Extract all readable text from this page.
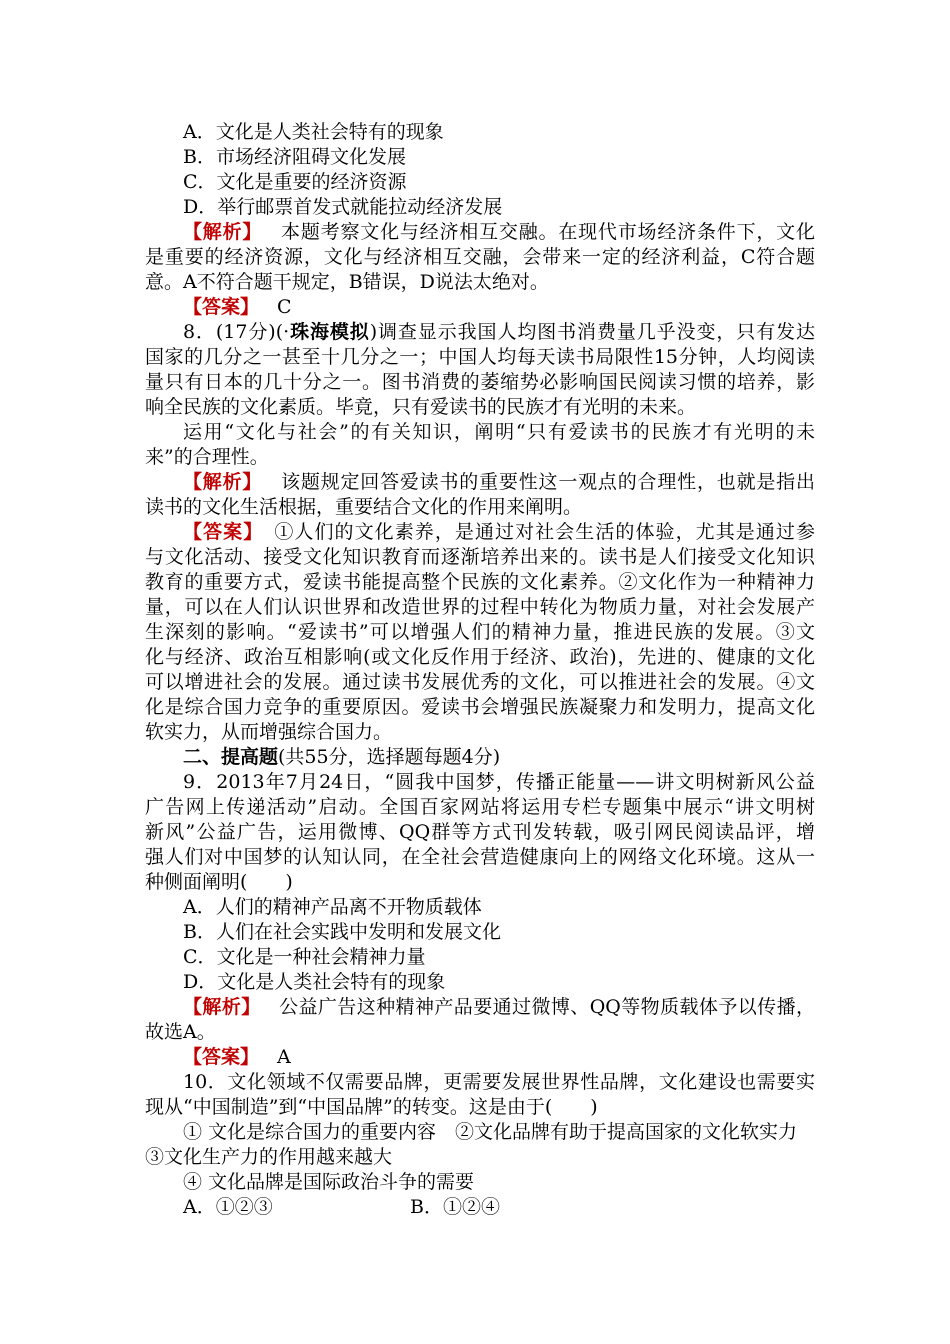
A．文化是人类社会特有的现象
B．市场经济阻碍文化发展
C．文化是重要的经济资源
D．举行邮票首发式就能拉动经济发展
【解析】 本题考察文化与经济相互交融。在现代市场经济条件下，文化
是重要的经济资源，文化与经济相互交融，会带来一定的经济利益，C符合题
意。A不符合题干规定，B错误，D说法太绝对。
【答案】 C
8．(17分)(·珠海模拟)调查显示我国人均图书消费量几乎没变，只有发达
国家的几分之一甚至十几分之一；中国人均每天读书局限性15分钟，人均阅读
量只有日本的几十分之一。图书消费的萎缩势必影响国民阅读习惯的培养，影
响全民族的文化素质。毕竟，只有爱读书的民族才有光明的未来。
运用“文化与社会”的有关知识，阐明“只有爱读书的民族才有光明的未
来”的合理性。
【解析】 该题规定回答爱读书的重要性这一观点的合理性，也就是指出
读书的文化生活根据，重要结合文化的作用来阐明。
【答案】 ①人们的文化素养，是通过对社会生活的体验，尤其是通过参
与文化活动、接受文化知识教育而逐渐培养出来的。读书是人们接受文化知识
教育的重要方式，爱读书能提高整个民族的文化素养。②文化作为一种精神力
量，可以在人们认识世界和改造世界的过程中转化为物质力量，对社会发展产
生深刻的影响。“爱读书”可以增强人们的精神力量，推进民族的发展。③文
化与经济、政治互相影响(或文化反作用于经济、政治)，先进的、健康的文化
可以增进社会的发展。通过读书发展优秀的文化，可以推进社会的发展。④文
化是综合国力竞争的重要原因。爱读书会增强民族凝聚力和发明力，提高文化
软实力，从而增强综合国力。
二、提高题(共55分，选择题每题4分)
9．2013年7月24日，“圆我中国梦，传播正能量——讲文明树新风公益
广告网上传递活动”启动。全国百家网站将运用专栏专题集中展示“讲文明树
新风”公益广告，运用微博、QQ群等方式刊发转载，吸引网民阅读品评，增
强人们对中国梦的认知认同，在全社会营造健康向上的网络文化环境。这从一
种侧面阐明(　　)
A．人们的精神产品离不开物质载体
B．人们在社会实践中发明和发展文化
C．文化是一种社会精神力量
D．文化是人类社会特有的现象
【解析】 公益广告这种精神产品要通过微博、QQ等物质载体予以传播，
故选A。
【答案】 A
10．文化领域不仅需要品牌，更需要发展世界性品牌，文化建设也需要实
现从“中国制造”到“中国品牌”的转变。这是由于(　　)
① 文化是综合国力的重要内容　②文化品牌有助于提高国家的文化软实力
③文化生产力的作用越来越大
④ 文化品牌是国际政治斗争的需要
A．①②③	B．①②④
